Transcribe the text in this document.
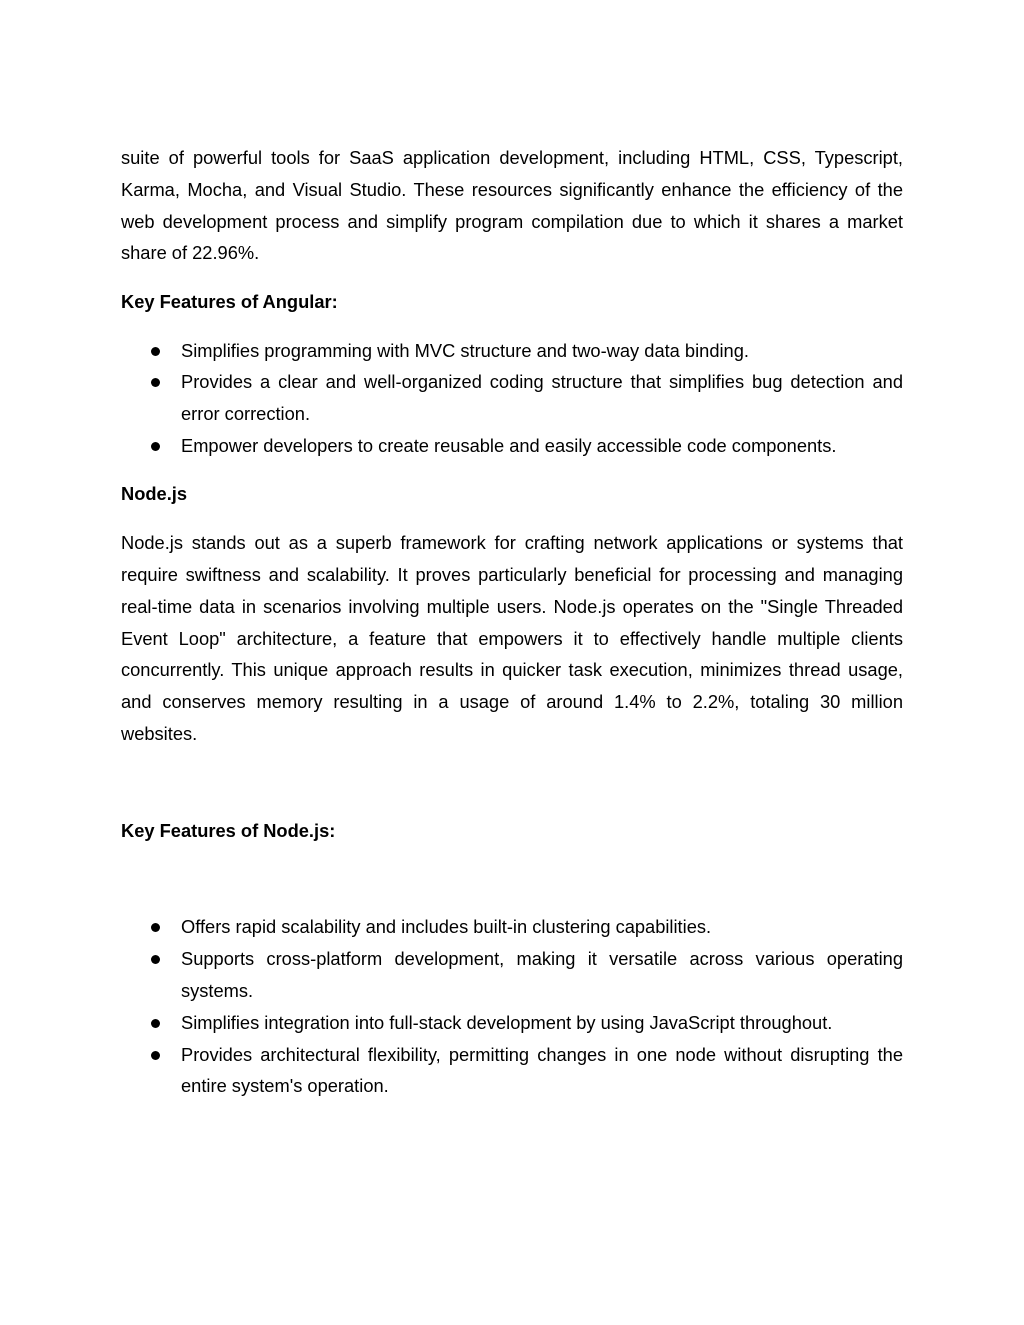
suite of powerful tools for SaaS application development, including HTML, CSS, Typescript, Karma, Mocha, and Visual Studio. These resources significantly enhance the efficiency of the web development process and simplify program compilation due to which it shares a market share of 22.96%.

Key Features of Angular:
Simplifies programming with MVC structure and two-way data binding.
Provides a clear and well-organized coding structure that simplifies bug detection and error correction.
Empower developers to create reusable and easily accessible code components.
Node.js

Node.js stands out as a superb framework for crafting network applications or systems that require swiftness and scalability. It proves particularly beneficial for processing and managing real-time data in scenarios involving multiple users. Node.js operates on the "Single Threaded Event Loop" architecture, a feature that empowers it to effectively handle multiple clients concurrently. This unique approach results in quicker task execution, minimizes thread usage, and conserves memory resulting in a usage of around 1.4% to 2.2%, totaling 30 million websites.

Key Features of Node.js:
Offers rapid scalability and includes built-in clustering capabilities.
Supports cross-platform development, making it versatile across various operating systems.
Simplifies integration into full-stack development by using JavaScript throughout.
Provides architectural flexibility, permitting changes in one node without disrupting the entire system's operation.
